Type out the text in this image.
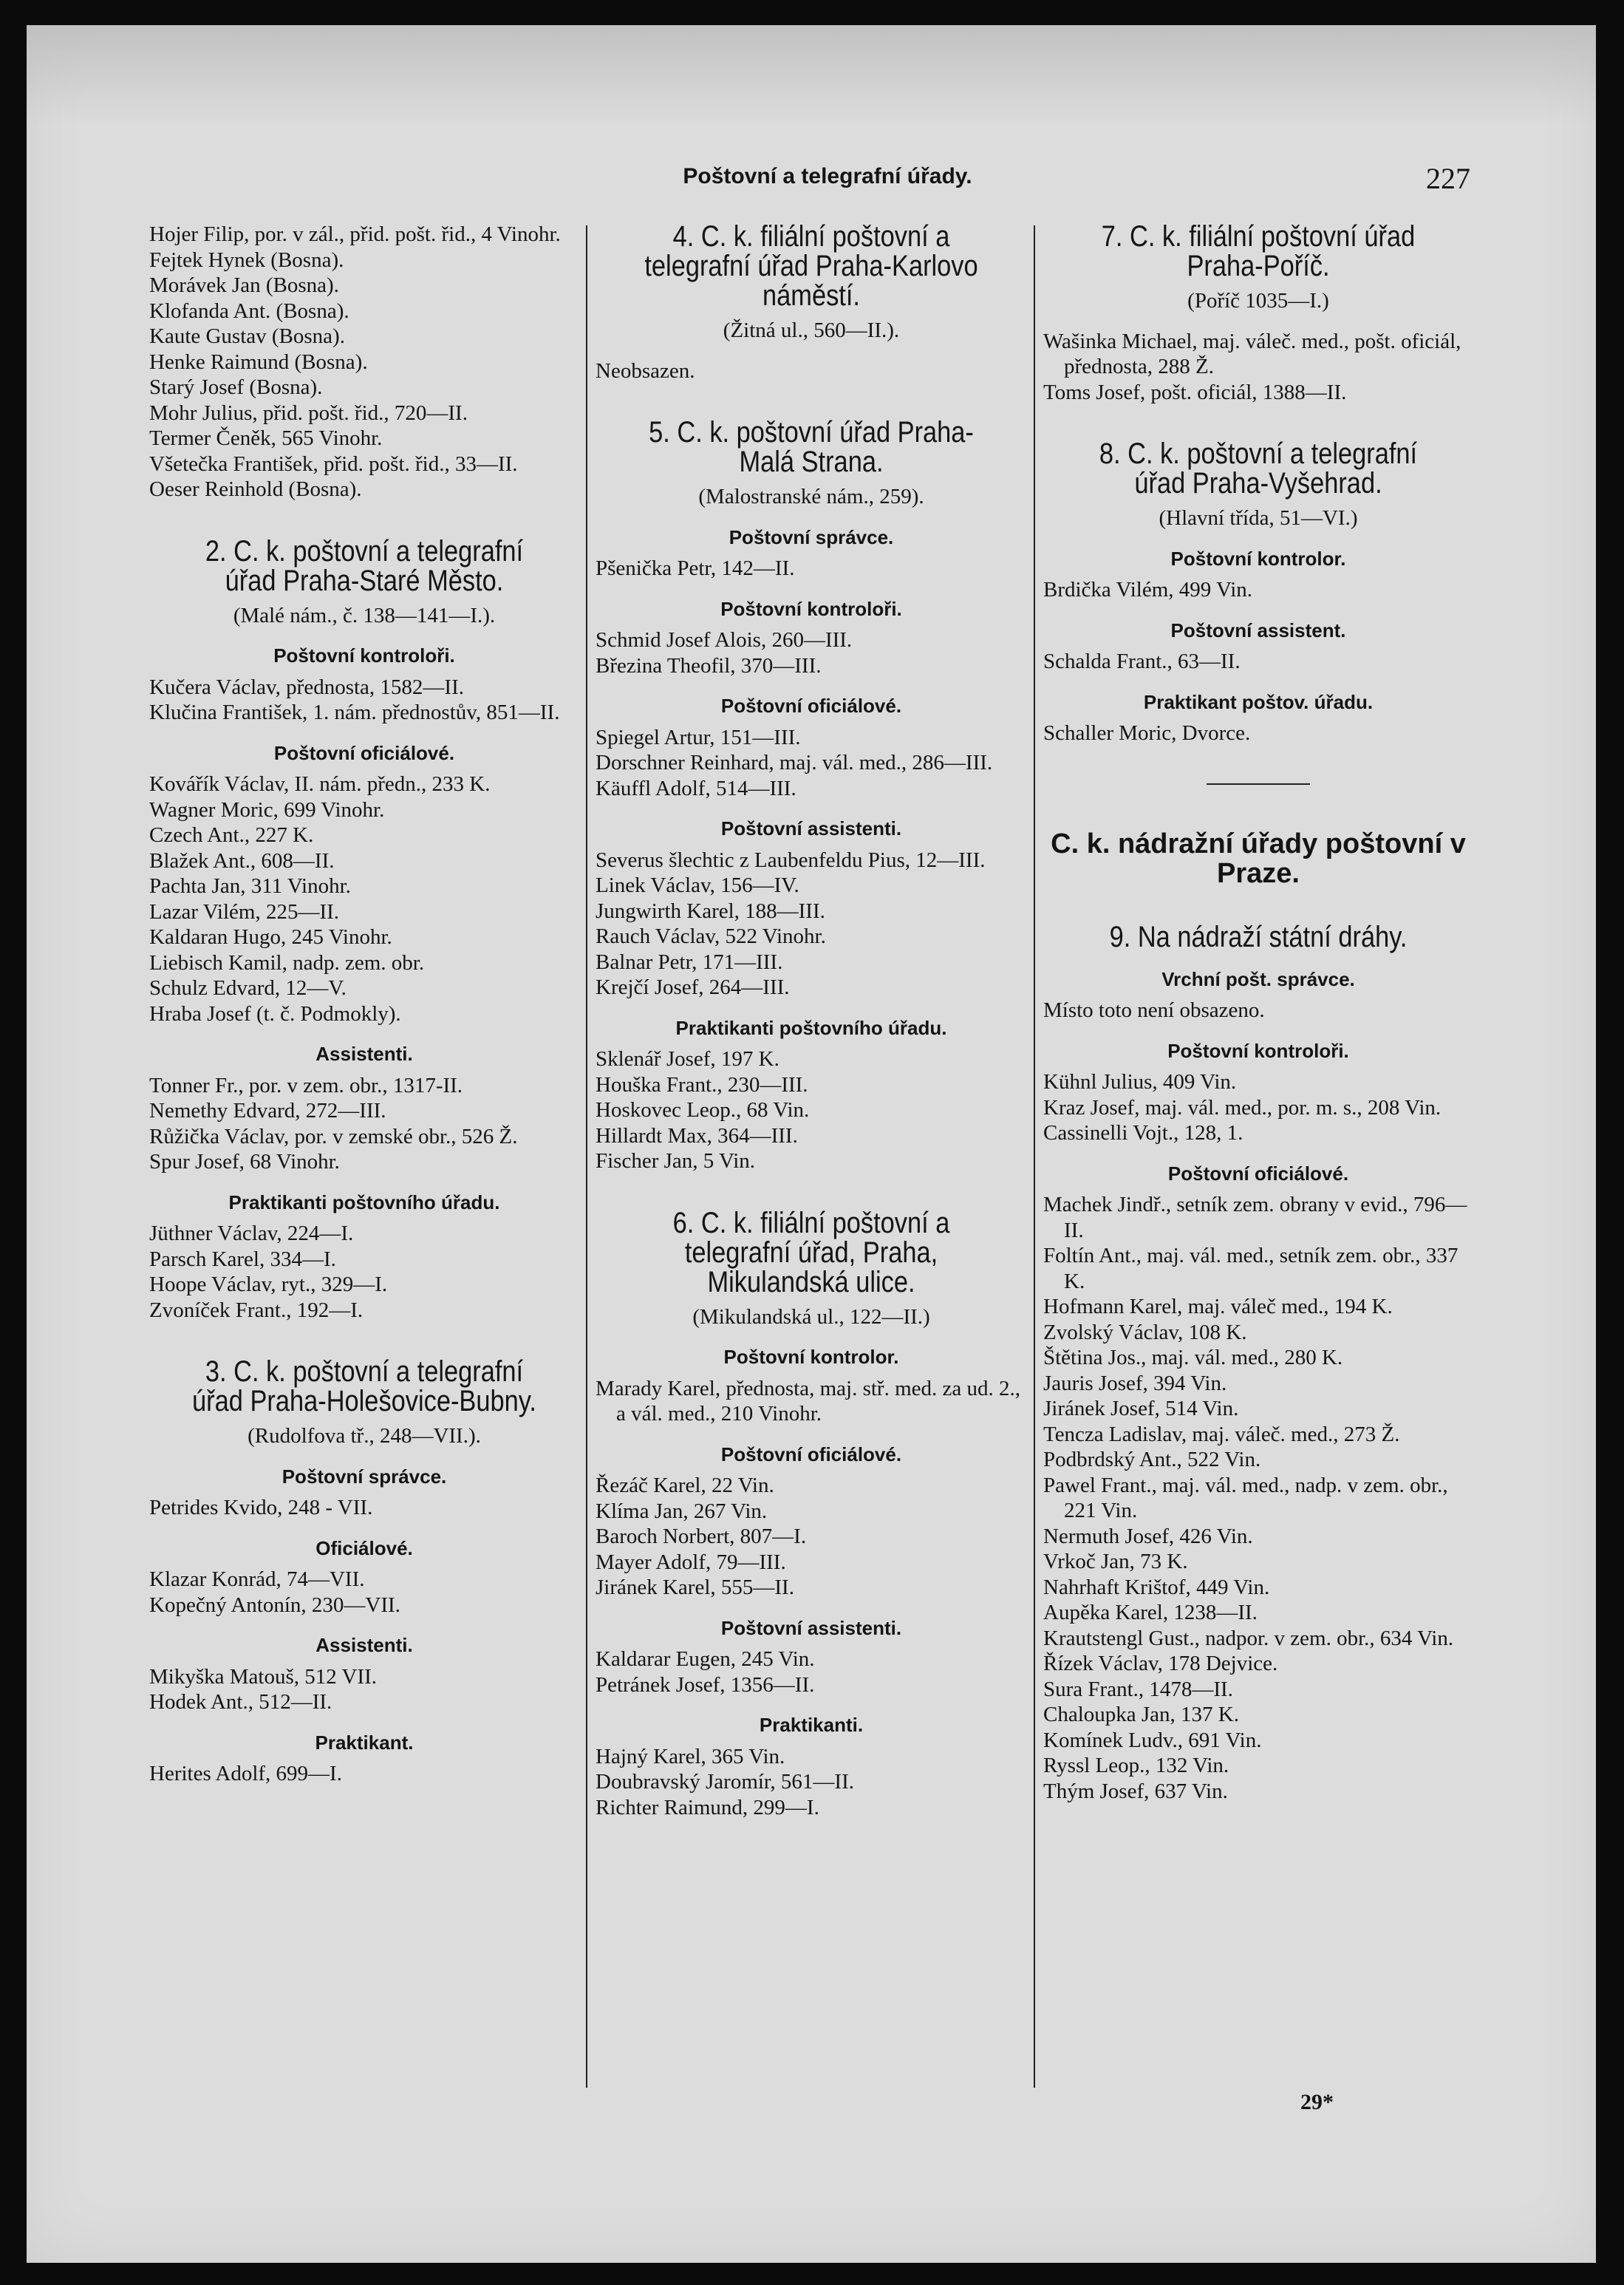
Poštovní a telegrafní úřady.	227
Hojer Filip, por. v zál., přid. pošt. řid., 4 Vinohr.
Fejtek Hynek (Bosna).
Morávek Jan (Bosna).
Klofanda Ant. (Bosna).
Kaute Gustav (Bosna).
Henke Raimund (Bosna).
Starý Josef (Bosna).
Mohr Julius, přid. pošt. řid., 720—II.
Termer Čeněk, 565 Vinohr.
Všetečka František, přid. pošt. řid., 33—II.
Oeser Reinhold (Bosna).
2. C. k. poštovní a telegrafní úřad Praha-Staré Město.
(Malé nám., č. 138—141—I.).
Poštovní kontroloři.
Kučera Václav, přednosta, 1582—II.
Klučina František, 1. nám. přednostův, 851—II.
Poštovní oficiálové.
Kovářík Václav, II. nám. předn., 233 K.
Wagner Moric, 699 Vinohr.
Czech Ant., 227 K.
Blažek Ant., 608—II.
Pachta Jan, 311 Vinohr.
Lazar Vilém, 225—II.
Kaldaran Hugo, 245 Vinohr.
Liebisch Kamil, nadp. zem. obr.
Schulz Edvard, 12—V.
Hraba Josef (t. č. Podmokly).
Assistenti.
Tonner Fr., por. v zem. obr., 1317-II.
Nemethy Edvard, 272—III.
Růžička Václav, por. v zemské obr., 526 Ž.
Spur Josef, 68 Vinohr.
Praktikanti poštovního úřadu.
Jüthner Václav, 224—I.
Parsch Karel, 334—I.
Hoope Václav, ryt., 329—I.
Zvoníček Frant., 192—I.
3. C. k. poštovní a telegrafní úřad Praha-Holešovice-Bubny.
(Rudolfova tř., 248—VII.).
Poštovní správce.
Petrides Kvido, 248 - VII.
Oficiálové.
Klazar Konrád, 74—VII.
Kopečný Antonín, 230—VII.
Assistenti.
Mikyška Matouš, 512 VII.
Hodek Ant., 512—II.
Praktikant.
Herites Adolf, 699—I.
4. C. k. filiální poštovní a telegrafní úřad Praha-Karlovo náměstí.
(Žitná ul., 560—II.).
Neobsazen.
5. C. k. poštovní úřad Praha-Malá Strana.
(Malostranské nám., 259).
Poštovní správce.
Pšenička Petr, 142—II.
Poštovní kontroloři.
Schmid Josef Alois, 260—III.
Březina Theofil, 370—III.
Poštovní oficiálové.
Spiegel Artur, 151—III.
Dorschner Reinhard, maj. vál. med., 286—III.
Käuffl Adolf, 514—III.
Poštovní assistenti.
Severus šlechtic z Laubenfeldu Pius, 12—III.
Linek Václav, 156—IV.
Jungwirth Karel, 188—III.
Rauch Václav, 522 Vinohr.
Balnar Petr, 171—III.
Krejčí Josef, 264—III.
Praktikanti poštovního úřadu.
Sklenář Josef, 197 K.
Houška Frant., 230—III.
Hoskovec Leop., 68 Vin.
Hillardt Max, 364—III.
Fischer Jan, 5 Vin.
6. C. k. filiální poštovní a telegrafní úřad, Praha, Mikulandská ulice.
(Mikulandská ul., 122—II.)
Poštovní kontrolor.
Marady Karel, přednosta, maj. stř. med. za ud. 2., a vál. med., 210 Vinohr.
Poštovní oficiálové.
Řezáč Karel, 22 Vin.
Klíma Jan, 267 Vin.
Baroch Norbert, 807—I.
Mayer Adolf, 79—III.
Jiránek Karel, 555—II.
Poštovní assistenti.
Kaldarar Eugen, 245 Vin.
Petránek Josef, 1356—II.
Praktikanti.
Hajný Karel, 365 Vin.
Doubravský Jaromír, 561—II.
Richter Raimund, 299—I.
7. C. k. filiální poštovní úřad Praha-Poříč.
(Poříč 1035—I.)
Wašinka Michael, maj. váleč. med., pošt. oficiál, přednosta, 288 Ž.
Toms Josef, pošt. oficiál, 1388—II.
8. C. k. poštovní a telegrafní úřad Praha-Vyšehrad.
(Hlavní třída, 51—VI.)
Poštovní kontrolor.
Brdička Vilém, 499 Vin.
Poštovní assistent.
Schalda Frant., 63—II.
Praktikant poštov. úřadu.
Schaller Moric, Dvorce.
C. k. nádražní úřady poštovní v Praze.
9. Na nádraží státní dráhy.
Vrchní pošt. správce.
Místo toto není obsazeno.
Poštovní kontroloři.
Kühnl Julius, 409 Vin.
Kraz Josef, maj. vál. med., por. m. s., 208 Vin.
Cassinelli Vojt., 128, 1.
Poštovní oficiálové.
Machek Jindř., setník zem. obrany v evid., 796—II.
Foltín Ant., maj. vál. med., setník zem. obr., 337 K.
Hofmann Karel, maj. váleč med., 194 K.
Zvolský Václav, 108 K.
Štětina Jos., maj. vál. med., 280 K.
Jauris Josef, 394 Vin.
Jiránek Josef, 514 Vin.
Tencza Ladislav, maj. váleč. med., 273 Ž.
Podbrdský Ant., 522 Vin.
Pawel Frant., maj. vál. med., nadp. v zem. obr., 221 Vin.
Nermuth Josef, 426 Vin.
Vrkoč Jan, 73 K.
Nahrhaft Krištof, 449 Vin.
Aupěka Karel, 1238—II.
Krautstengl Gust., nadpor. v zem. obr., 634 Vin.
Řízek Václav, 178 Dejvice.
Sura Frant., 1478—II.
Chaloupka Jan, 137 K.
Komínek Ludv., 691 Vin.
Ryssl Leop., 132 Vin.
Thým Josef, 637 Vin.
29*
